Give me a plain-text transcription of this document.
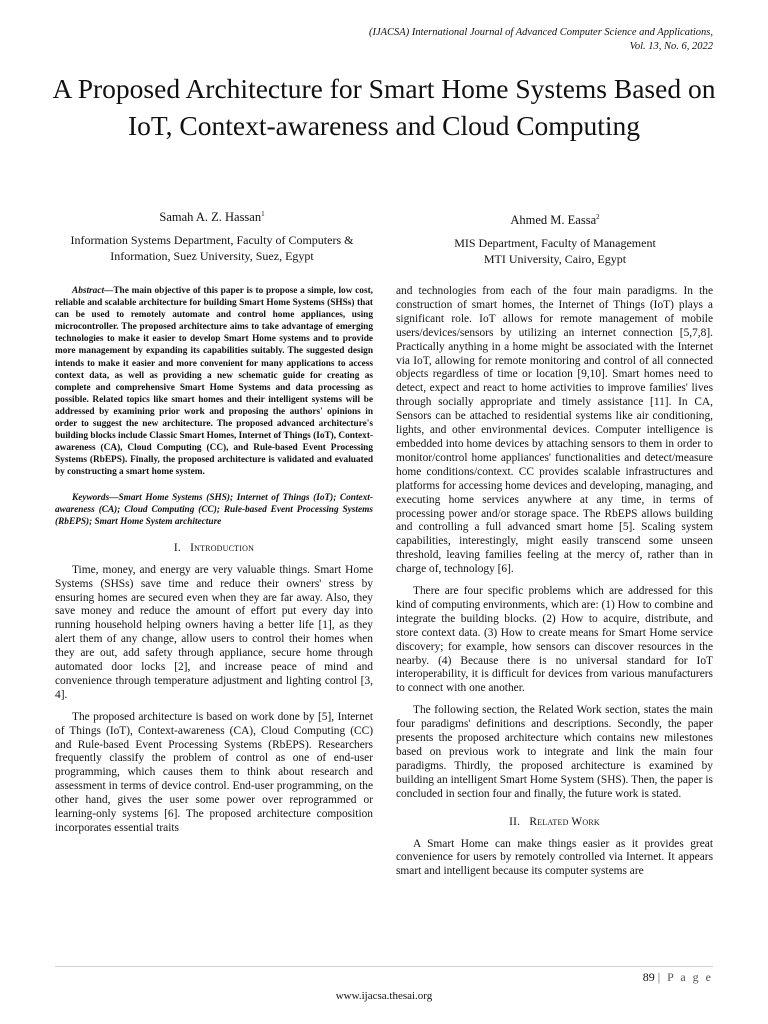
(IJACSA) International Journal of Advanced Computer Science and Applications,
Vol. 13, No. 6, 2022
A Proposed Architecture for Smart Home Systems Based on IoT, Context-awareness and Cloud Computing
Samah A. Z. Hassan$^1$
Information Systems Department, Faculty of Computers &
Information, Suez University, Suez, Egypt
Ahmed M. Eassa$^2$
MIS Department, Faculty of Management
MTI University, Cairo, Egypt

Abstract—The main objective of this paper is to propose a simple, low cost, reliable and scalable architecture for building Smart Home Systems (SHSs) that can be used to remotely automate and control home appliances, using microcontroller. The proposed architecture aims to take advantage of emerging technologies to make it easier to develop Smart Home systems and to provide more management by expanding its capabilities suitably. The suggested design intends to make it easier and more convenient for many applications to access context data, as well as providing a new schematic guide for creating as complete and comprehensive Smart Home Systems and data processing as possible. Related topics like smart homes and their intelligent systems will be addressed by examining prior work and proposing the authors' opinions in order to suggest the new architecture. The proposed advanced architecture's building blocks include Classic Smart Homes, Internet of Things (IoT), Context-awareness (CA), Cloud Computing (CC), and Rule-based Event Processing Systems (RbEPS). Finally, the proposed architecture is validated and evaluated by constructing a smart home system.

Keywords—Smart Home Systems (SHS); Internet of Things (IoT); Context-awareness (CA); Cloud Computing (CC); Rule-based Event Processing Systems (RbEPS); Smart Home System architecture

I. Introduction

Time, money, and energy are very valuable things. Smart Home Systems (SHSs) save time and reduce their owners' stress by ensuring homes are secured even when they are far away. Also, they save money and reduce the amount of effort put every day into running household helping owners having a better life [1], as they alert them of any change, allow users to control their homes when they are out, add safety through appliance, secure home through automated door locks [2], and increase peace of mind and convenience through temperature adjustment and lighting control [3, 4].

The proposed architecture is based on work done by [5], Internet of Things (IoT), Context-awareness (CA), Cloud Computing (CC) and Rule-based Event Processing Systems (RbEPS). Researchers frequently classify the problem of control as one of end-user programming, which causes them to think about research and assessment in terms of device control. End-user programming, on the other hand, gives the user some power over reprogrammed or learning-only systems [6]. The proposed architecture composition incorporates essential traits

and technologies from each of the four main paradigms. In the construction of smart homes, the Internet of Things (IoT) plays a significant role. IoT allows for remote management of mobile users/devices/sensors by utilizing an internet connection [5,7,8]. Practically anything in a home might be associated with the Internet via IoT, allowing for remote monitoring and control of all connected objects regardless of time or location [9,10]. Smart homes need to detect, expect and react to home activities to improve families' lives through socially appropriate and timely assistance [11]. In CA, Sensors can be attached to residential systems like air conditioning, lights, and other environmental devices. Computer intelligence is embedded into home devices by attaching sensors to them in order to monitor/control home appliances' functionalities and detect/measure home conditions/context. CC provides scalable infrastructures and platforms for accessing home devices and developing, managing, and executing home services anywhere at any time, in terms of processing power and/or storage space. The RbEPS allows building and controlling a full advanced smart home [5]. Scaling system capabilities, interestingly, might easily transcend some unseen threshold, leaving families feeling at the mercy of, rather than in charge of, technology [6].

There are four specific problems which are addressed for this kind of computing environments, which are: (1) How to combine and integrate the building blocks. (2) How to acquire, distribute, and store context data. (3) How to create means for Smart Home service discovery; for example, how sensors can discover resources in the nearby. (4) Because there is no universal standard for IoT interoperability, it is difficult for devices from various manufacturers to connect with one another.

The following section, the Related Work section, states the main four paradigms' definitions and descriptions. Secondly, the paper presents the proposed architecture which contains new milestones based on previous work to integrate and link the main four paradigms. Thirdly, the proposed architecture is examined by building an intelligent Smart Home System (SHS). Then, the paper is concluded in section four and finally, the future work is stated.

II. Related Work

A Smart Home can make things easier as it provides great convenience for users by remotely controlled via Internet. It appears smart and intelligent because its computer systems are

89 | P a g e
www.ijacsa.thesai.org
